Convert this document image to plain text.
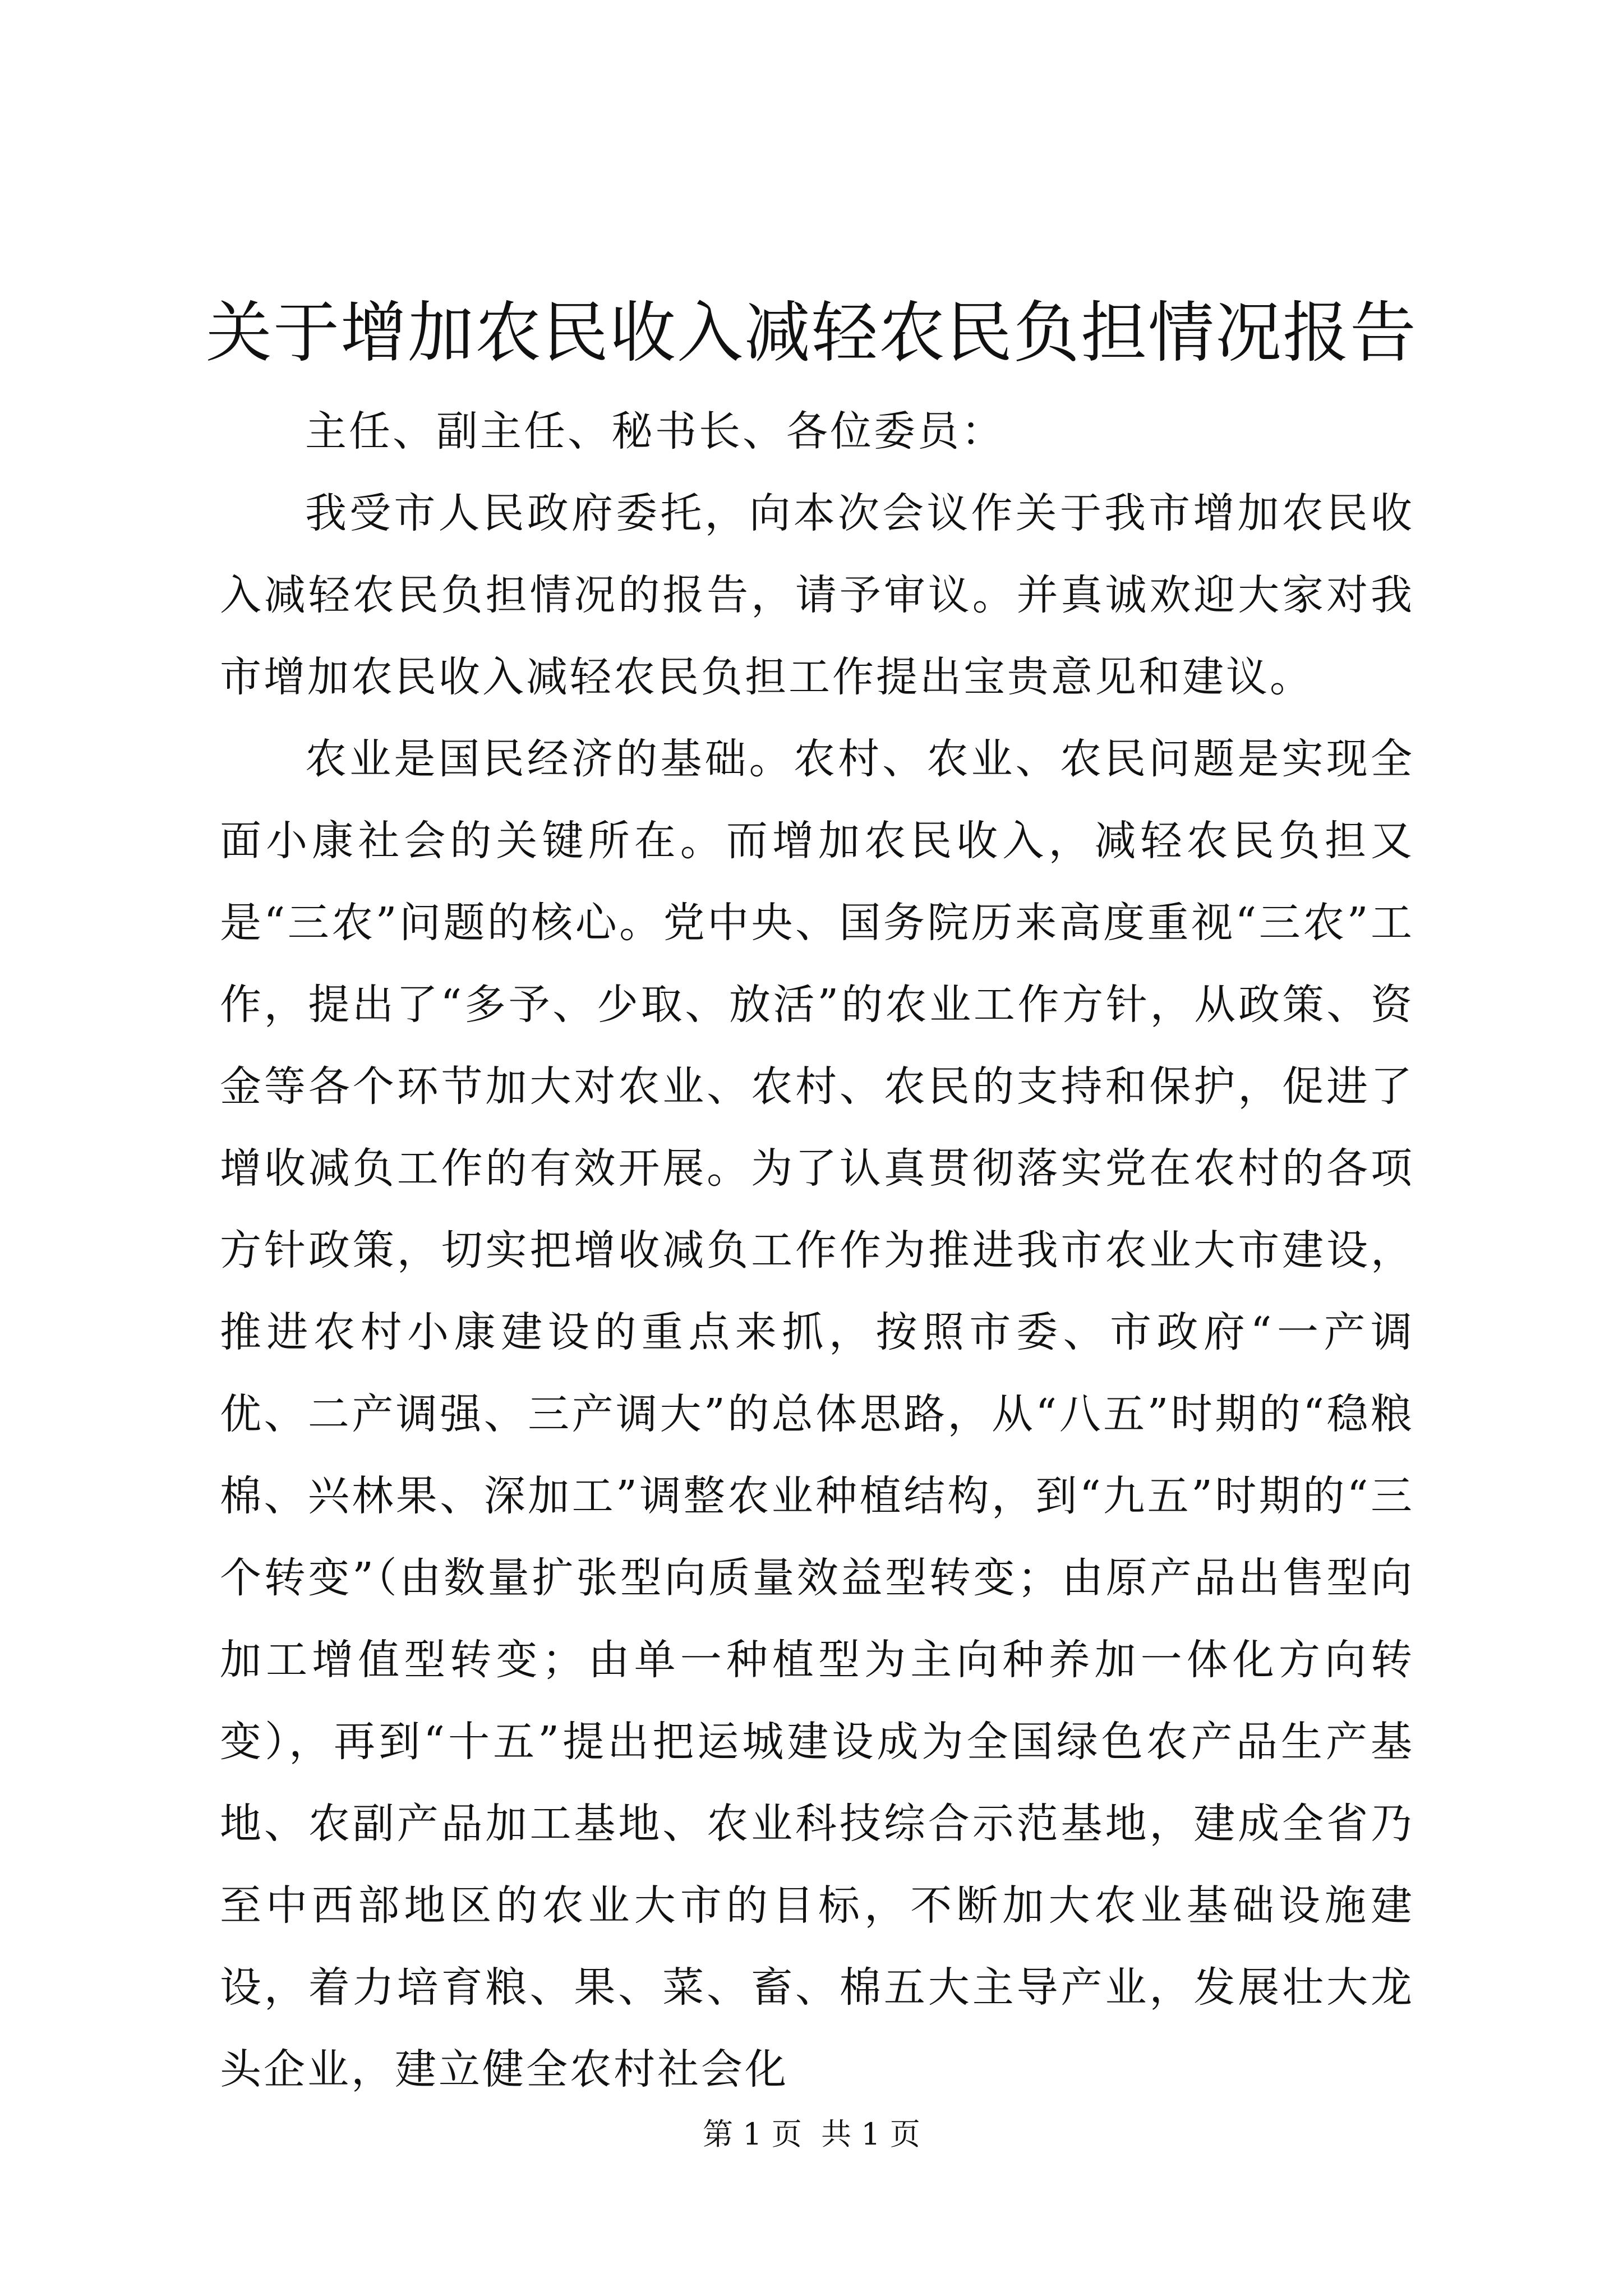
关于增加农民收入减轻农民负担情况报告

主任、副主任、秘书长、各位委员：

我受市人民政府委托，向本次会议作关于我市增加农民收入减轻农民负担情况的报告，请予审议。并真诚欢迎大家对我市增加农民收入减轻农民负担工作提出宝贵意见和建议。

农业是国民经济的基础。农村、农业、农民问题是实现全面小康社会的关键所在。而增加农民收入，减轻农民负担又是“三农”问题的核心。党中央、国务院历来高度重视“三农”工作，提出了“多予、少取、放活”的农业工作方针，从政策、资金等各个环节加大对农业、农村、农民的支持和保护，促进了增收减负工作的有效开展。为了认真贯彻落实党在农村的各项方针政策，切实把增收减负工作作为推进我市农业大市建设，推进农村小康建设的重点来抓，按照市委、市政府“一产调优、二产调强、三产调大”的总体思路，从“八五”时期的“稳粮棉、兴林果、深加工”调整农业种植结构，到“九五”时期的“三个转变”（由数量扩张型向质量效益型转变；由原产品出售型向加工增值型转变；由单一种植型为主向种养加一体化方向转变），再到“十五”提出把运城建设成为全国绿色农产品生产基地、农副产品加工基地、农业科技综合示范基地，建成全省乃至中西部地区的农业大市的目标，不断加大农业基础设施建设，着力培育粮、果、菜、畜、棉五大主导产业，发展壮大龙头企业，建立健全农村社会化

第 1 页  共 1 页
